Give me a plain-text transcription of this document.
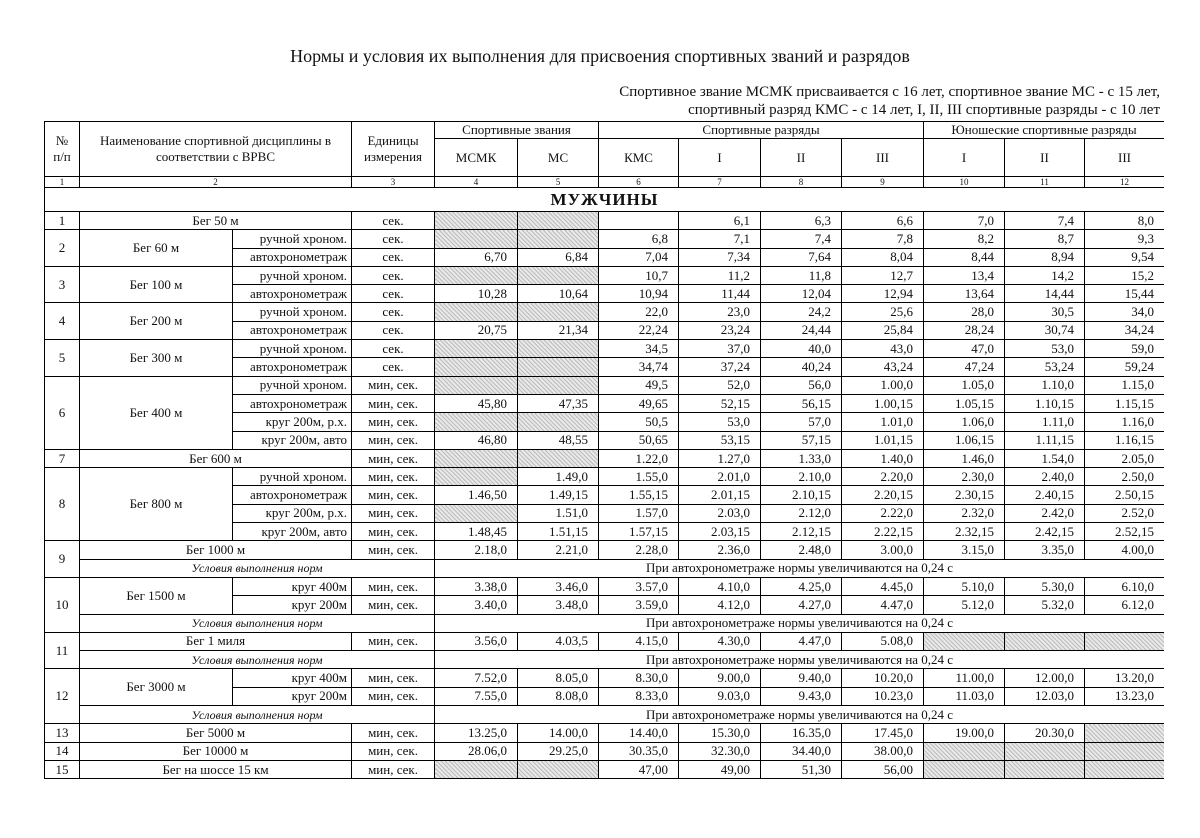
Нормы и условия их выполнения для присвоения спортивных званий и разрядов
Спортивное звание МСМК присваивается с 16 лет, спортивное звание МС - с 15 лет,
спортивный разряд КМС - с 14 лет, I, II, III спортивные разряды - с 10 лет
№ п/п	Наименование спортивной дисциплины в соответствии с ВРВС		Единицы измерения	Спортивные звания		Спортивные разряды				Юношеские спортивные разряды		
				МСМК	МС	КМС	I	II	III	I	II	III
1	2		3	4	5	6	7	8	9	10	11	12
МУЖЧИНЫ												
1	Бег 50 м		сек.				6,1	6,3	6,6	7,0	7,4	8,0
2	Бег 60 м	ручной хроном.	сек.			6,8	7,1	7,4	7,8	8,2	8,7	9,3
		автохронометраж	сек.	6,70	6,84	7,04	7,34	7,64	8,04	8,44	8,94	9,54
3	Бег 100 м	ручной хроном.	сек.			10,7	11,2	11,8	12,7	13,4	14,2	15,2
		автохронометраж	сек.	10,28	10,64	10,94	11,44	12,04	12,94	13,64	14,44	15,44
4	Бег 200 м	ручной хроном.	сек.			22,0	23,0	24,2	25,6	28,0	30,5	34,0
		автохронометраж	сек.	20,75	21,34	22,24	23,24	24,44	25,84	28,24	30,74	34,24
5	Бег 300 м	ручной хроном.	сек.			34,5	37,0	40,0	43,0	47,0	53,0	59,0
		автохронометраж	сек.			34,74	37,24	40,24	43,24	47,24	53,24	59,24
6	Бег 400 м	ручной хроном.	мин, сек.			49,5	52,0	56,0	1.00,0	1.05,0	1.10,0	1.15,0
		автохронометраж	мин, сек.	45,80	47,35	49,65	52,15	56,15	1.00,15	1.05,15	1.10,15	1.15,15
		круг 200м, р.х.	мин, сек.			50,5	53,0	57,0	1.01,0	1.06,0	1.11,0	1.16,0
		круг 200м, авто	мин, сек.	46,80	48,55	50,65	53,15	57,15	1.01,15	1.06,15	1.11,15	1.16,15
7	Бег 600 м		мин, сек.			1.22,0	1.27,0	1.33,0	1.40,0	1.46,0	1.54,0	2.05,0
8	Бег 800 м	ручной хроном.	мин, сек.		1.49,0	1.55,0	2.01,0	2.10,0	2.20,0	2.30,0	2.40,0	2.50,0
		автохронометраж	мин, сек.	1.46,50	1.49,15	1.55,15	2.01,15	2.10,15	2.20,15	2.30,15	2.40,15	2.50,15
		круг 200м, р.х.	мин, сек.		1.51,0	1.57,0	2.03,0	2.12,0	2.22,0	2.32,0	2.42,0	2.52,0
		круг 200м, авто	мин, сек.	1.48,45	1.51,15	1.57,15	2.03,15	2.12,15	2.22,15	2.32,15	2.42,15	2.52,15
9	Бег 1000 м		мин, сек.	2.18,0	2.21,0	2.28,0	2.36,0	2.48,0	3.00,0	3.15,0	3.35,0	4.00,0
	Условия выполнения норм			При автохронометраже нормы увеличиваются на 0,24 с								
10	Бег 1500 м	круг 400м	мин, сек.	3.38,0	3.46,0	3.57,0	4.10,0	4.25,0	4.45,0	5.10,0	5.30,0	6.10,0
		круг 200м	мин, сек.	3.40,0	3.48,0	3.59,0	4.12,0	4.27,0	4.47,0	5.12,0	5.32,0	6.12,0
	Условия выполнения норм			При автохронометраже нормы увеличиваются на 0,24 с								
11	Бег 1 миля		мин, сек.	3.56,0	4.03,5	4.15,0	4.30,0	4.47,0	5.08,0			
	Условия выполнения норм			При автохронометраже нормы увеличиваются на 0,24 с								
12	Бег 3000 м	круг 400м	мин, сек.	7.52,0	8.05,0	8.30,0	9.00,0	9.40,0	10.20,0	11.00,0	12.00,0	13.20,0
		круг 200м	мин, сек.	7.55,0	8.08,0	8.33,0	9.03,0	9.43,0	10.23,0	11.03,0	12.03,0	13.23,0
	Условия выполнения норм			При автохронометраже нормы увеличиваются на 0,24 с								
13	Бег 5000 м		мин, сек.	13.25,0	14.00,0	14.40,0	15.30,0	16.35,0	17.45,0	19.00,0	20.30,0	
14	Бег 10000 м		мин, сек.	28.06,0	29.25,0	30.35,0	32.30,0	34.40,0	38.00,0			
15	Бег на шоссе 15 км		мин, сек.			47,00	49,00	51,30	56,00			
